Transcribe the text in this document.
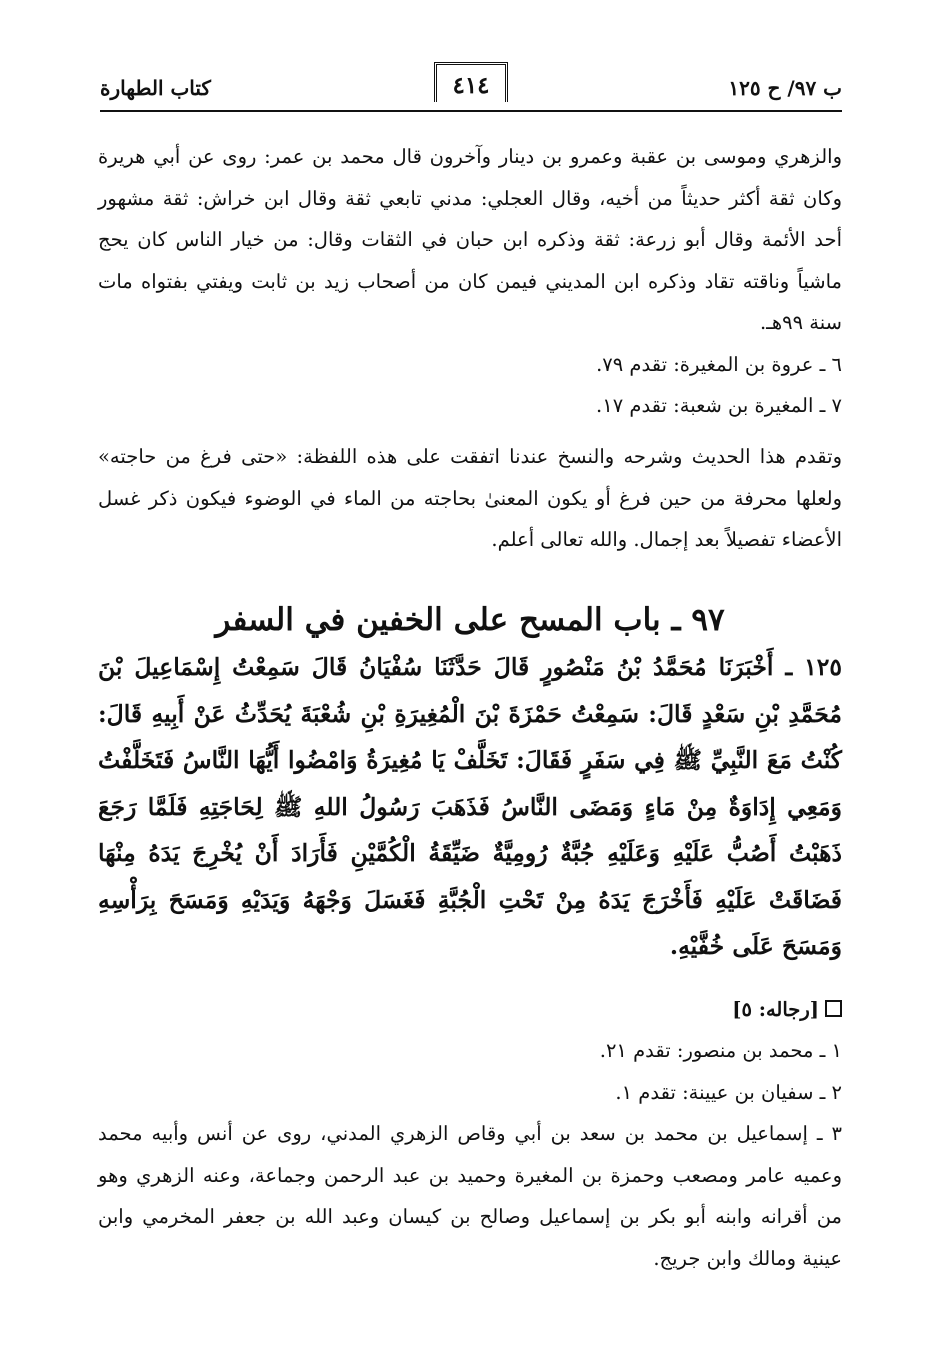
ب ٩٧/ ح ١٢٥
٤١٤
كتاب الطهارة

والزهري وموسى بن عقبة وعمرو بن دينار وآخرون قال محمد بن عمر: روى عن أبي هريرة وكان ثقة أكثر حديثاً من أخيه، وقال العجلي: مدني تابعي ثقة وقال ابن خراش: ثقة مشهور أحد الأئمة وقال أبو زرعة: ثقة وذكره ابن حبان في الثقات وقال: من خيار الناس كان يحج ماشياً وناقته تقاد وذكره ابن المديني فيمن كان من أصحاب زيد بن ثابت ويفتي بفتواه مات سنة ٩٩هـ.

٦ ـ عروة بن المغيرة: تقدم ٧٩.

٧ ـ المغيرة بن شعبة: تقدم ١٧.

وتقدم هذا الحديث وشرحه والنسخ عندنا اتفقت على هذه اللفظة: «حتى فرغ من حاجته» ولعلها محرفة من حين فرغ أو يكون المعنىٰ بحاجته من الماء في الوضوء فيكون ذكر غسل الأعضاء تفصيلاً بعد إجمال. والله تعالى أعلم.

٩٧ ـ باب المسح على الخفين في السفر

١٢٥ ـ أَخْبَرَنَا مُحَمَّدُ بْنُ مَنْصُورٍ قَالَ حَدَّثَنَا سُفْيَانُ قَالَ سَمِعْتُ إِسْمَاعِيلَ بْنَ مُحَمَّدِ بْنِ سَعْدٍ قَالَ: سَمِعْتُ حَمْزَةَ بْنَ الْمُغِيرَةِ بْنِ شُعْبَةَ يُحَدِّثُ عَنْ أَبِيهِ قَالَ: كُنْتُ مَعَ النَّبِيِّ ﷺ فِي سَفَرٍ فَقَالَ: تَخَلَّفْ يَا مُغِيرَةُ وَامْضُوا أَيُّهَا النَّاسُ فَتَخَلَّفْتُ وَمَعِي إِدَاوَةٌ مِنْ مَاءٍ وَمَضَى النَّاسُ فَذَهَبَ رَسُولُ اللهِ ﷺ لِحَاجَتِهِ فَلَمَّا رَجَعَ ذَهَبْتُ أَصُبُّ عَلَيْهِ وَعَلَيْهِ جُبَّةٌ رُومِيَّةٌ ضَيِّقَةُ الْكُمَّيْنِ فَأَرَادَ أَنْ يُخْرِجَ يَدَهُ مِنْهَا فَضَاقَتْ عَلَيْهِ فَأَخْرَجَ يَدَهُ مِنْ تَحْتِ الْجُبَّةِ فَغَسَلَ وَجْهَهُ وَيَدَيْهِ وَمَسَحَ بِرَأْسِهِ وَمَسَحَ عَلَى خُفَّيْهِ.

[رجاله: ٥]

١ ـ محمد بن منصور: تقدم ٢١.

٢ ـ سفيان بن عيينة: تقدم ١.

٣ ـ إسماعيل بن محمد بن سعد بن أبي وقاص الزهري المدني، روى عن أنس وأبيه محمد وعميه عامر ومصعب وحمزة بن المغيرة وحميد بن عبد الرحمن وجماعة، وعنه الزهري وهو من أقرانه وابنه أبو بكر بن إسماعيل وصالح بن كيسان وعبد الله بن جعفر المخرمي وابن عينية ومالك وابن جريج.
